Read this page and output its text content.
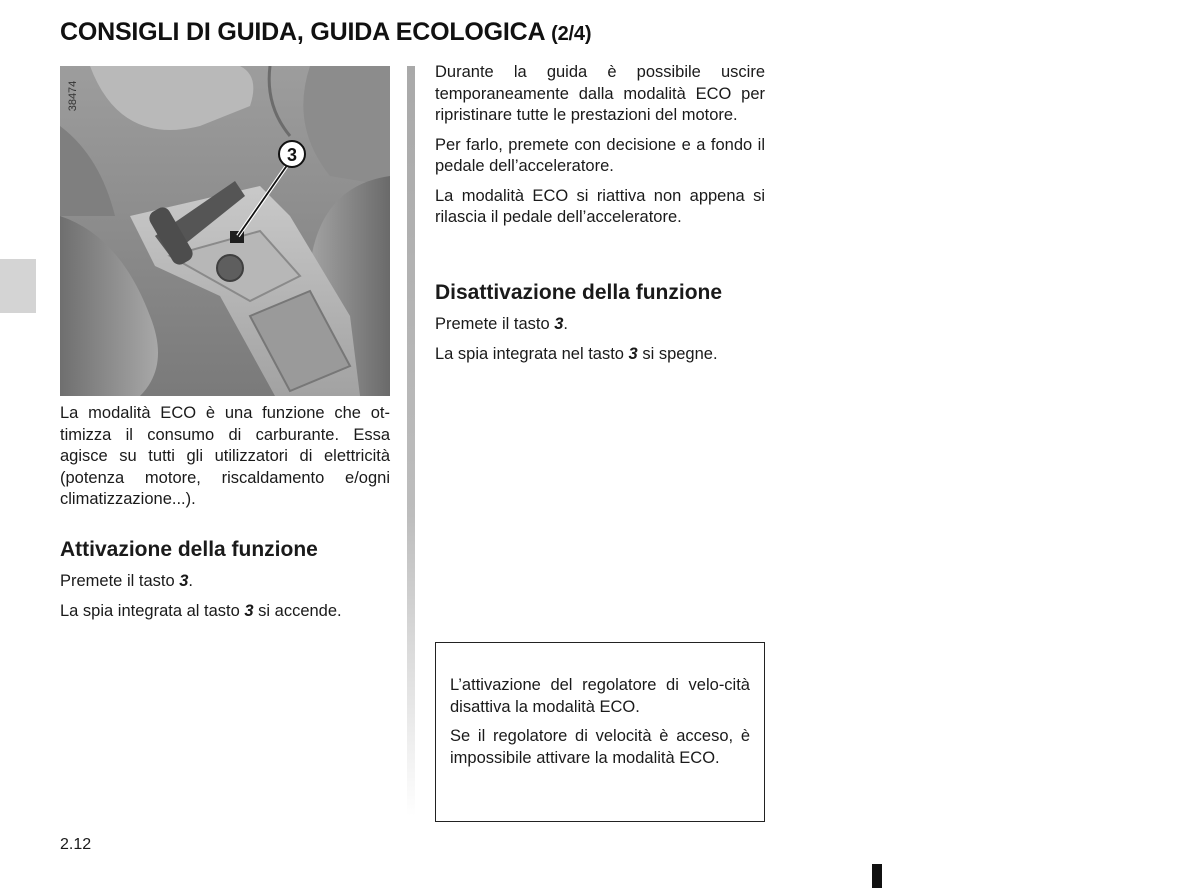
CONSIGLI DI GUIDA, GUIDA ECOLOGICA (2/4)
3
38474

La modalità ECO è una funzione che ot-timizza il consumo di carburante. Essa agisce su tutti gli utilizzatori di elettricità (potenza motore, riscaldamento e/ogni climatizzazione...).

Attivazione della funzione

Premete il tasto 3.

La spia integrata al tasto 3 si accende.

Durante la guida è possibile uscire temporaneamente dalla modalità ECO per ripristinare tutte le prestazioni del motore.

Per farlo, premete con decisione e a fondo il pedale dell’acceleratore.

La modalità ECO si riattiva non appena si rilascia il pedale dell’acceleratore.

Disattivazione della funzione

Premete il tasto 3.

La spia integrata nel tasto 3 si spegne.

L’attivazione del regolatore di velo-cità disattiva la modalità ECO.

Se il regolatore di velocità è acceso, è impossibile attivare la modalità ECO.

2.12
